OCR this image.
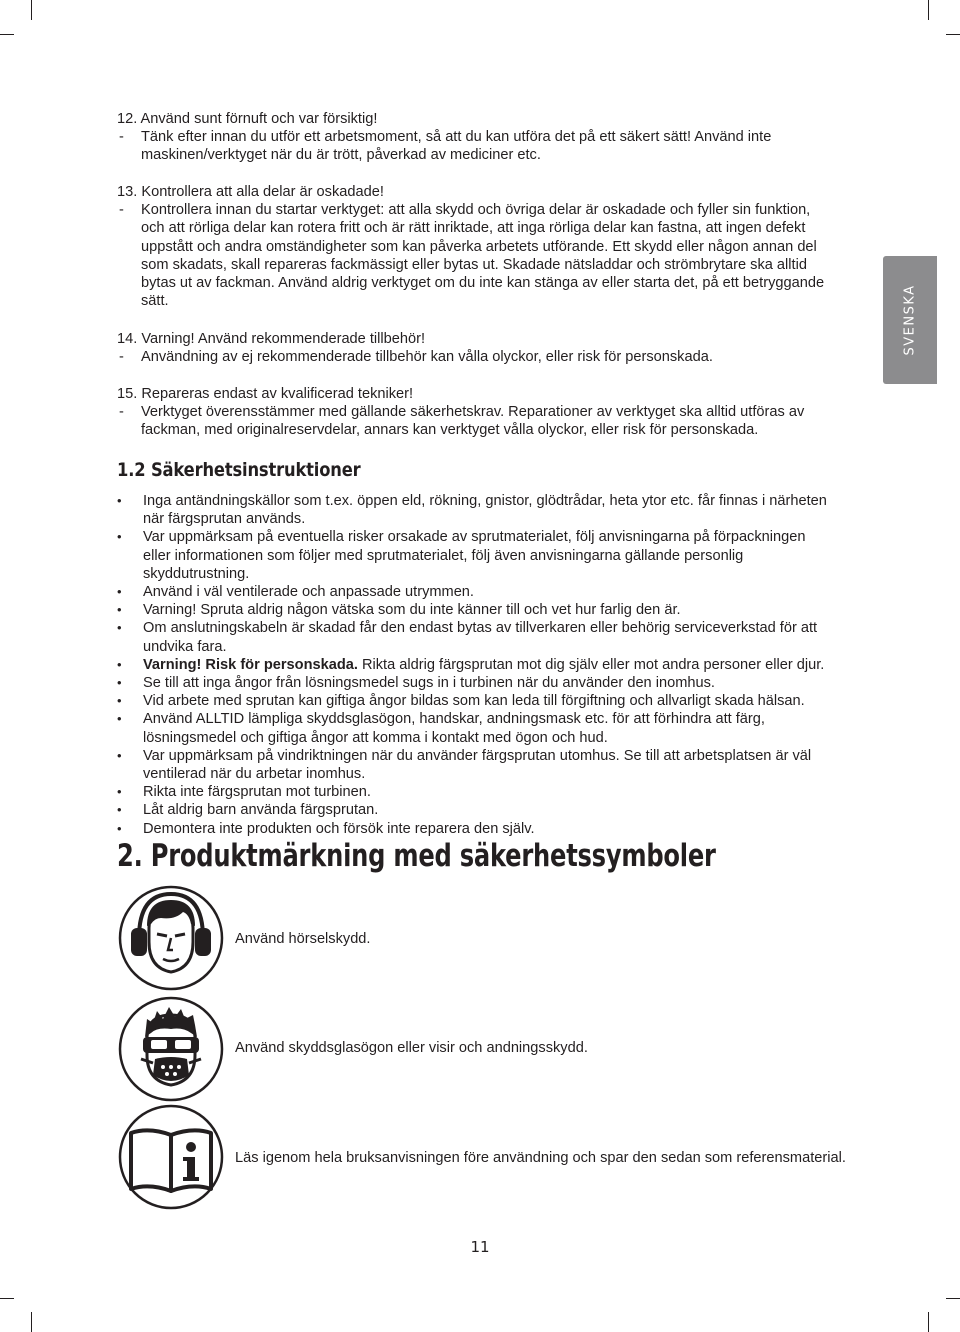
12. Använd sunt förnuft och var försiktig!
-	Tänk efter innan du utför ett arbetsmoment, så att du kan utföra det på ett säkert sätt! Använd inte maskinen/verktyget när du är trött, påverkad av mediciner etc.
13. Kontrollera att alla delar är oskadade!
-	Kontrollera innan du startar verktyget: att alla skydd och övriga delar är oskadade och fyller sin funktion, och att rörliga delar kan rotera fritt och är rätt inriktade, att inga rörliga delar kan fastna, att ingen defekt uppstått och andra omständigheter som kan påverka arbetets utförande. Ett skydd eller någon annan del som skadats, skall repareras fackmässigt eller bytas ut. Skadade nätsladdar och strömbrytare ska alltid bytas ut av fackman. Använd aldrig verktyget om du inte kan stänga av eller starta det, på ett betryggande sätt.
14. Varning! Använd rekommenderade tillbehör!
-	Användning av ej rekommenderade tillbehör kan vålla olyckor, eller risk för personskada.
15. Repareras endast av kvalificerad tekniker!
-	Verktyget överensstämmer med gällande säkerhetskrav. Reparationer av verktyget ska alltid utföras av fackman, med originalreservdelar, annars kan verktyget vålla olyckor, eller risk för personskada.
SVENSKA
1.2 Säkerhetsinstruktioner
•	Inga antändningskällor som t.ex. öppen eld, rökning, gnistor, glödtrådar, heta ytor etc. får finnas i närheten när färgsprutan används.
•	Var uppmärksam på eventuella risker orsakade av sprutmaterialet, följ anvisningarna på förpackningen eller informationen som följer med sprutmaterialet, följ även anvisningarna gällande personlig skyddutrustning.
•	Använd i väl ventilerade och anpassade utrymmen.
•	Varning! Spruta aldrig någon vätska som du inte känner till och vet hur farlig den är.
•	Om anslutningskabeln är skadad får den endast bytas av tillverkaren eller behörig serviceverkstad för att undvika fara.
•	Varning! Risk för personskada. Rikta aldrig färgsprutan mot dig själv eller mot andra personer eller djur.
•	Se till att inga ångor från lösningsmedel sugs in i turbinen när du använder den inomhus.
•	Vid arbete med sprutan kan giftiga ångor bildas som kan leda till förgiftning och allvarligt skada hälsan.
•	Använd ALLTID lämpliga skyddsglasögon, handskar, andningsmask etc. för att förhindra att färg, lösningsmedel och giftiga ångor att komma i kontakt med ögon och hud.
•	Var uppmärksam på vindriktningen när du använder färgsprutan utomhus. Se till att arbetsplatsen är väl ventilerad när du arbetar inomhus.
•	Rikta inte färgsprutan mot turbinen.
•	Låt aldrig barn använda färgsprutan.
•	Demontera inte produkten och försök inte reparera den själv.
2. Produktmärkning med säkerhetssymboler
Använd hörselskydd.
Använd skyddsglasögon eller visir och andningsskydd.
Läs igenom hela bruksanvisningen före användning och spar den sedan som referensmaterial.
11
